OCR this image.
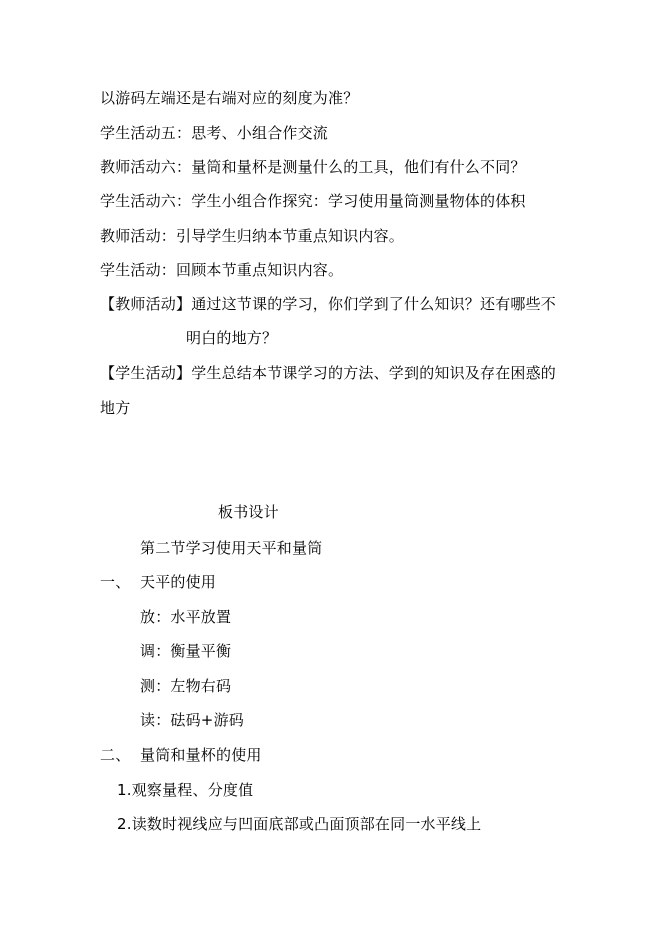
以游码左端还是右端对应的刻度为准？
学生活动五：思考、小组合作交流
教师活动六：量筒和量杯是测量什么的工具，他们有什么不同？
学生活动六：学生小组合作探究：学习使用量筒测量物体的体积
教师活动：引导学生归纳本节重点知识内容。
学生活动：回顾本节重点知识内容。
【教师活动】通过这节课的学习，你们学到了什么知识？还有哪些不
明白的地方？
【学生活动】学生总结本节课学习的方法、学到的知识及存在困惑的
地方
板书设计
第二节学习使用天平和量筒
一、 天平的使用
放：水平放置
调：衡量平衡
测：左物右码
读：砝码+游码
二、 量筒和量杯的使用
1.观察量程、分度值
2.读数时视线应与凹面底部或凸面顶部在同一水平线上
